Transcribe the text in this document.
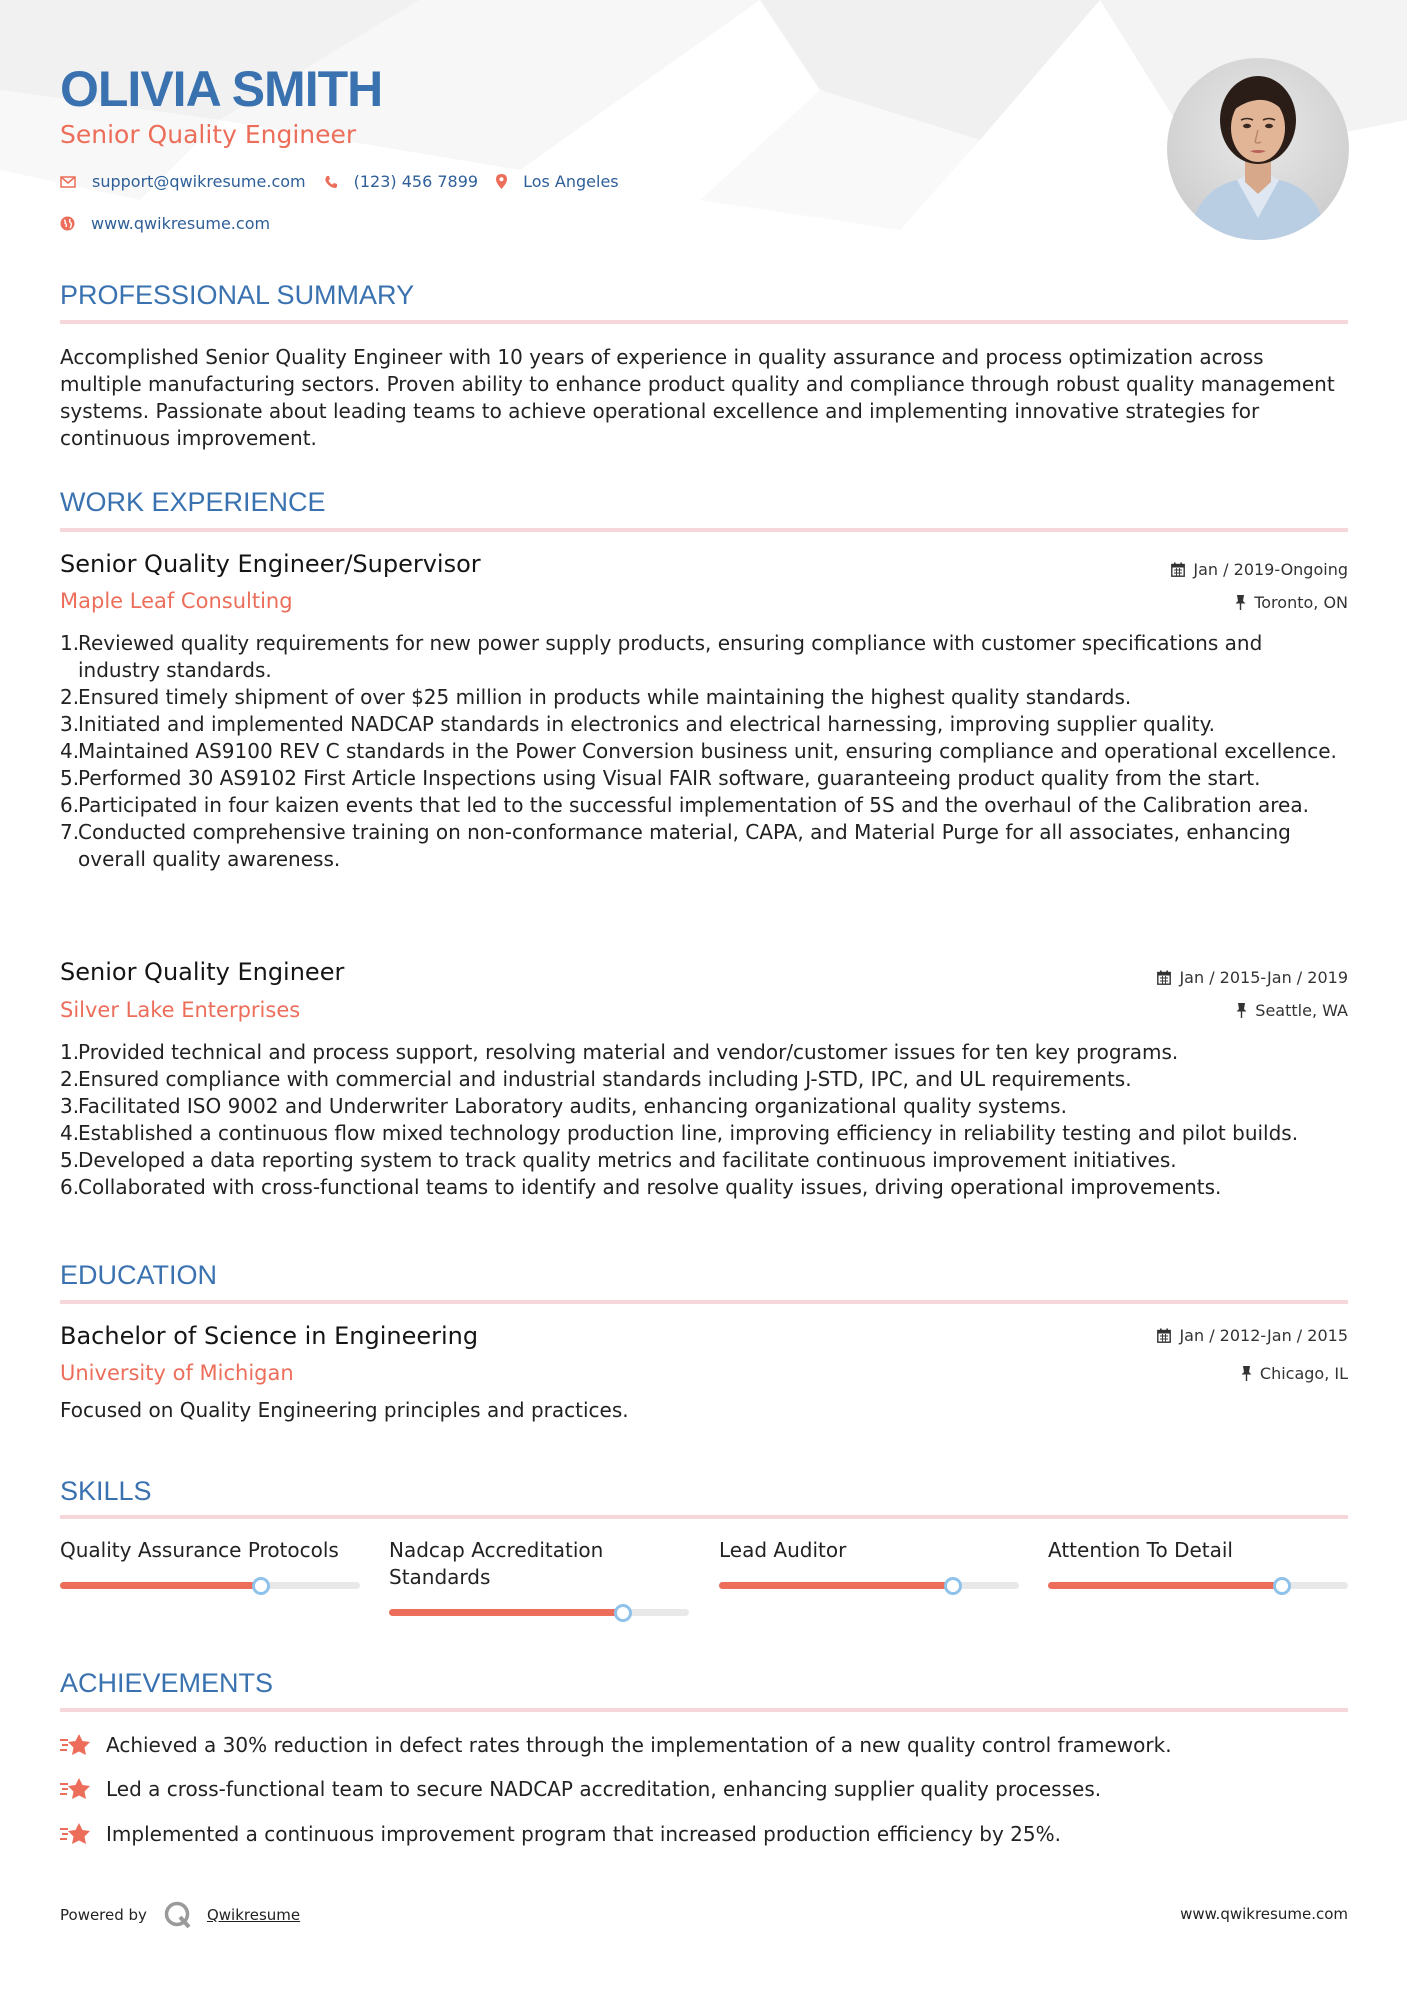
OLIVIA SMITH
Senior Quality Engineer
support@qwikresume.com	(123) 456 7899	Los Angeles
www.qwikresume.com
PROFESSIONAL SUMMARY
Accomplished Senior Quality Engineer with 10 years of experience in quality assurance and process optimization across multiple manufacturing sectors. Proven ability to enhance product quality and compliance through robust quality management systems. Passionate about leading teams to achieve operational excellence and implementing innovative strategies for continuous improvement.
WORK EXPERIENCE
Senior Quality Engineer/Supervisor
Maple Leaf Consulting
Jan / 2019-Ongoing
Toronto, ON
1.
Reviewed quality requirements for new power supply products, ensuring compliance with customer specifications and industry standards.
2.
Ensured timely shipment of over $25 million in products while maintaining the highest quality standards.
3.
Initiated and implemented NADCAP standards in electronics and electrical harnessing, improving supplier quality.
4.
Maintained AS9100 REV C standards in the Power Conversion business unit, ensuring compliance and operational excellence.
5.
Performed 30 AS9102 First Article Inspections using Visual FAIR software, guaranteeing product quality from the start.
6.
Participated in four kaizen events that led to the successful implementation of 5S and the overhaul of the Calibration area.
7.
Conducted comprehensive training on non-conformance material, CAPA, and Material Purge for all associates, enhancing overall quality awareness.
Senior Quality Engineer
Silver Lake Enterprises
Jan / 2015-Jan / 2019
Seattle, WA
1.
Provided technical and process support, resolving material and vendor/customer issues for ten key programs.
2.
Ensured compliance with commercial and industrial standards including J-STD, IPC, and UL requirements.
3.
Facilitated ISO 9002 and Underwriter Laboratory audits, enhancing organizational quality systems.
4.
Established a continuous flow mixed technology production line, improving efficiency in reliability testing and pilot builds.
5.
Developed a data reporting system to track quality metrics and facilitate continuous improvement initiatives.
6.
Collaborated with cross-functional teams to identify and resolve quality issues, driving operational improvements.
EDUCATION
Bachelor of Science in Engineering
University of Michigan
Jan / 2012-Jan / 2015
Chicago, IL
Focused on Quality Engineering principles and practices.
SKILLS
Quality Assurance Protocols	Nadcap Accreditation Standards
Lead Auditor	Attention To Detail
ACHIEVEMENTS
Achieved a 30% reduction in defect rates through the implementation of a new quality control framework.
Led a cross-functional team to secure NADCAP accreditation, enhancing supplier quality processes.
Implemented a continuous improvement program that increased production efficiency by 25%.
Powered by	Qwikresume	www.qwikresume.com
